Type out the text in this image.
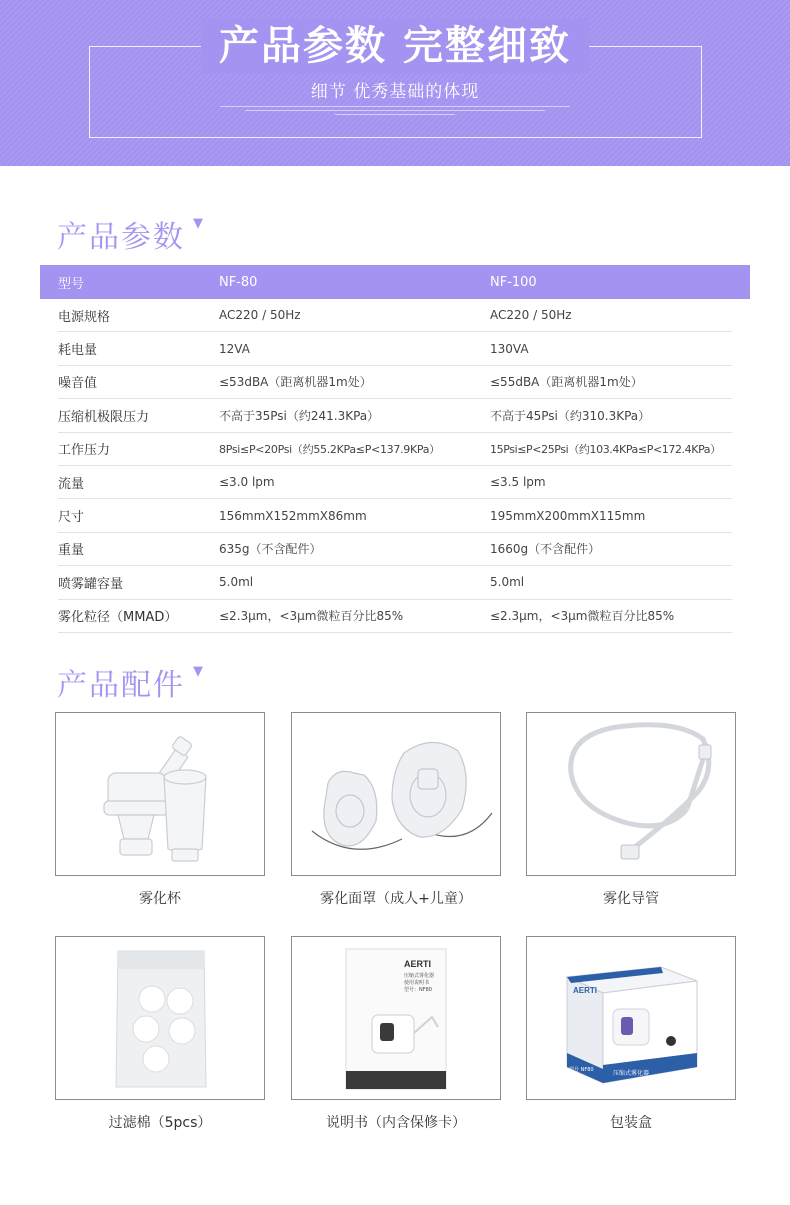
产品参数 完整细致
细节 优秀基础的体现
产品参数 ▼
型号	NF-80	NF-100
电源规格	AC220 / 50Hz	AC220 / 50Hz
耗电量	12VA	130VA
噪音值	≤53dBA（距离机器1m处）	≤55dBA（距离机器1m处）
压缩机极限压力	不高于35Psi（约241.3KPa）	不高于45Psi（约310.3KPa）
工作压力	8Psi≤P<20Psi（约55.2KPa≤P<137.9KPa）	15Psi≤P<25Psi（约103.4KPa≤P<172.4KPa）
流量	≤3.0 lpm	≤3.5 lpm
尺寸	156mmX152mmX86mm	195mmX200mmX115mm
重量	635g（不含配件）	1660g（不含配件）
喷雾罐容量	5.0ml	5.0ml
雾化粒径（MMAD）	≤2.3μm，<3μm微粒百分比85%	≤2.3μm，<3μm微粒百分比85%
产品配件 ▼
雾化杯	雾化面罩（成人+儿童）	雾化导管
过滤棉（5pcs）
AERTI
压缩式雾化器
使用说明书
型号：NF80
说明书（内含保修卡）
AERTI
型号 NF80	压缩式雾化器
包装盒
